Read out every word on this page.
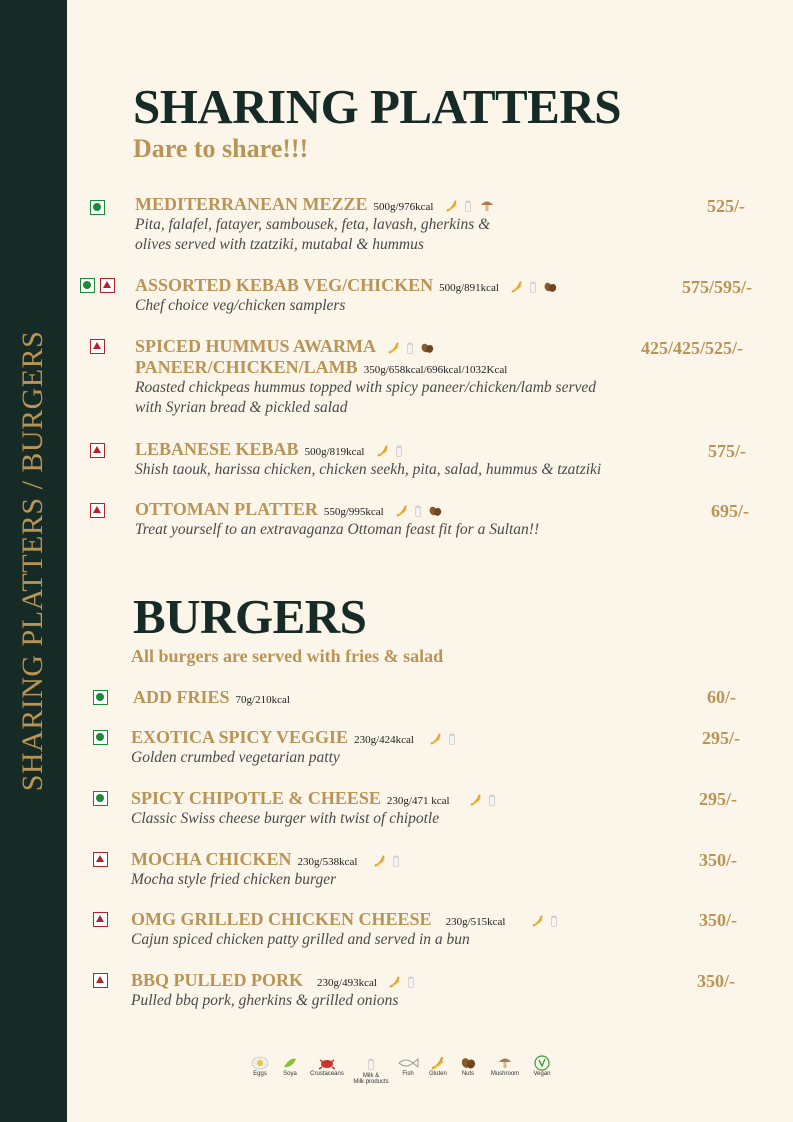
SHARING PLATTERS / BURGERS
SHARING PLATTERS
Dare to share!!!
MEDITERRANEAN MEZZE 500g/976kcal
Pita, falafel, fatayer, sambousek, feta, lavash, gherkins &
olives served with tzatziki, mutabal & hummus
525/-
ASSORTED KEBAB VEG/CHICKEN 500g/891kcal
Chef choice veg/chicken samplers
575/595/-
SPICED HUMMUS AWARMA
PANEER/CHICKEN/LAMB 350g/658kcal/696kcal/1032Kcal
Roasted chickpeas hummus topped with spicy paneer/chicken/lamb served
with Syrian bread & pickled salad
425/425/525/-
LEBANESE KEBAB 500g/819kcal
Shish taouk, harissa chicken, chicken seekh, pita, salad, hummus & tzatziki
575/-
OTTOMAN PLATTER 550g/995kcal
Treat yourself to an extravaganza Ottoman feast fit for a Sultan!!
695/-
BURGERS
All burgers are served with fries & salad
ADD FRIES 70g/210kcal	60/-
EXOTICA SPICY VEGGIE 230g/424kcal
Golden crumbed vegetarian patty
295/-
SPICY CHIPOTLE & CHEESE 230g/471 kcal
Classic Swiss cheese burger with twist of chipotle
295/-
MOCHA CHICKEN 230g/538kcal
Mocha style fried chicken burger
350/-
OMG GRILLED CHICKEN CHEESE 230g/515kcal
Cajun spiced chicken patty grilled and served in a bun
350/-
BBQ PULLED PORK 230g/493kcal
Pulled bbq pork, gherkins & grilled onions
350/-
Eggs	Soya Crustaceans	Milk &
Milk products
Fish	Gluten Nuts	Mushroom Vegan
